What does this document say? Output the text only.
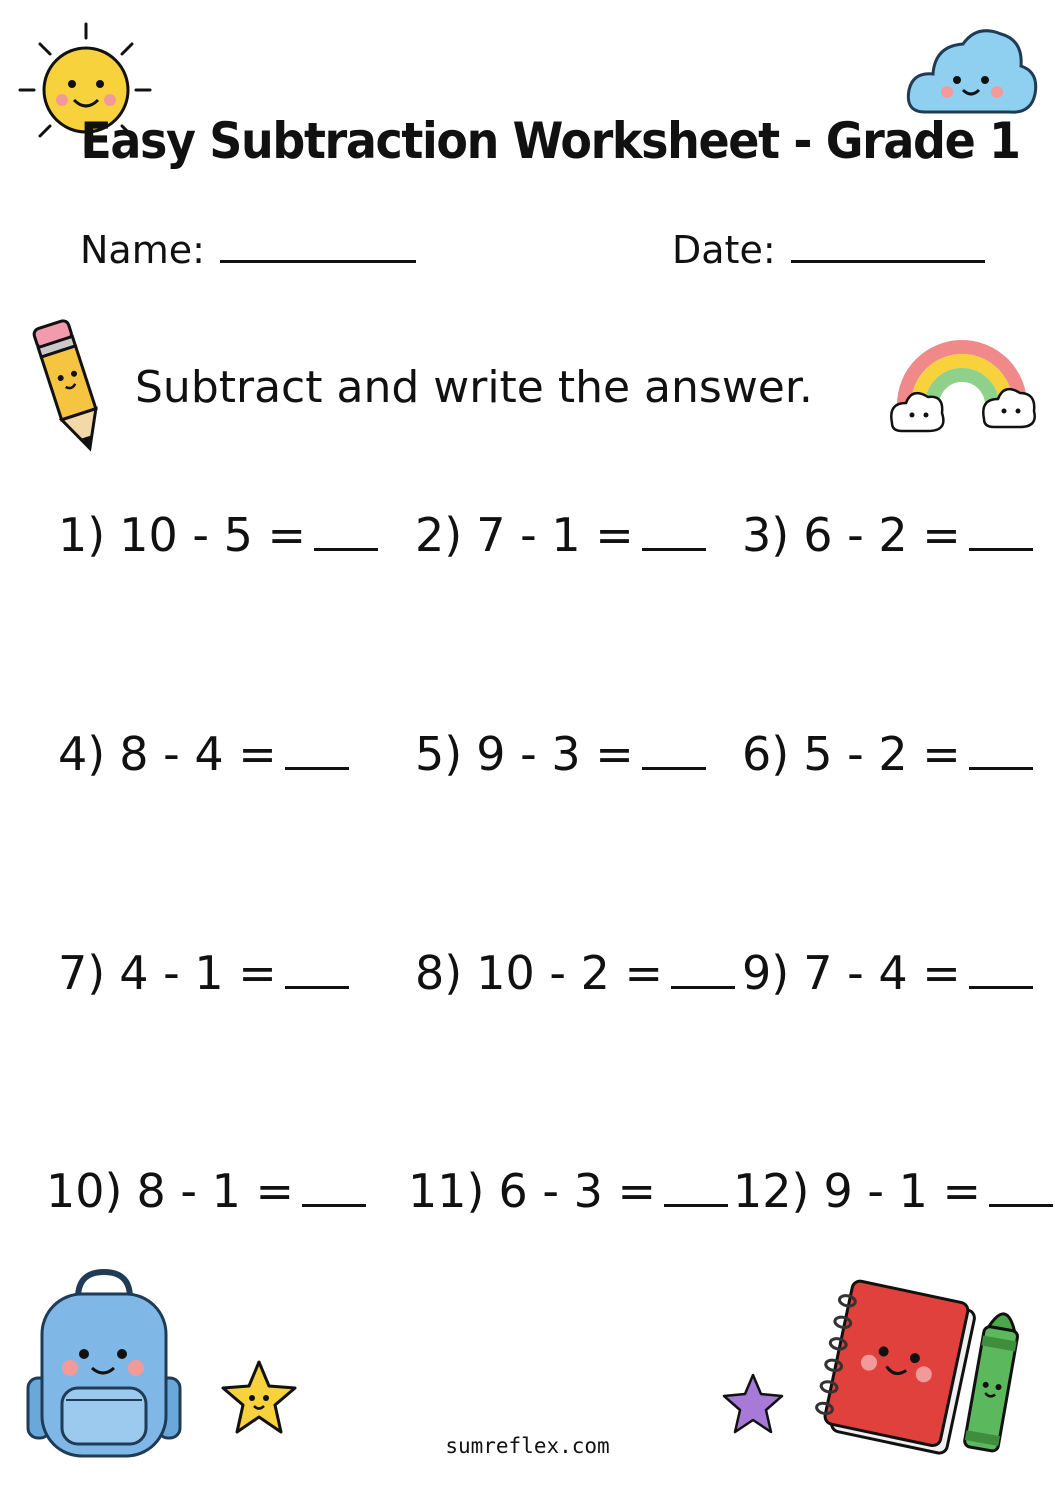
Easy Subtraction Worksheet - Grade 1
Name:	Date:
Subtract and write the answer.
1) 10 - 5 = 2) 7 - 1 = 3) 6 - 2 =
4) 8 - 4 =	5) 9 - 3 = 6) 5 - 2 =
7) 4 - 1 =	8) 10 - 2 = 9) 7 - 4 =
10) 8 - 1 = 11) 6 - 3 = 12) 9 - 1 =
sumreflex.com
